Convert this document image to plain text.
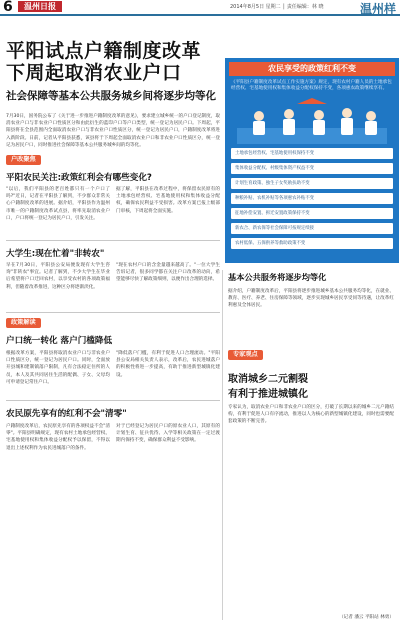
6	温州日报	2014年8月5日 星期二 │ 责任编辑：林 晓	温州样
平阳试点户籍制度改革
下周起取消农业户口
社会保障等基本公共服务城乡间将逐步均等化
7月30日，国务院公布了《关于进一步推进户籍制度改革的意见》，要求建立城乡统一的户口登记制度，取消农业户口与非农业户口性质区分和由此衍生的蓝印户口等户口类型，统一登记为居民户口。下周起，平阳县将在全县范围内全面取消农业户口与非农业户口性质区分，统一登记为居民户口，户籍制度改革将进入新阶段。日前，记者从平阳县获悉，该县将于下周起全面取消农业户口和非农业户口性质区分，统一登记为居民户口，同时推进社会保障等基本公共服务城乡间的均等化。
农民享受的政策红利不变
《平阳县户籍制度改革试点工作实施方案》规定，现有农村户籍人员的土地承包经营权、宅基地使用权和集体收益分配权保持不变，各项惠农政策继续享有。
土地承包经营权、宅基地使用权保持不变
集体收益分配权、村级集体资产权益不变
计划生育政策、独生子女奖励扶助不变
种粮补贴、农机补贴等各项惠农补贴不变
征地补偿安置、拆迁安置政策保持不变
新农合、新农保等社会保障可按规定续接
农村低保、五保供养等救助政策不变
户改聚焦
平阳农民关注:政策红利会有哪些变化?
"以后，我们平阳县的老百姓都只有一个户口了吗?"近日，记者在平阳县了解到，不少群众非常关心户籍制度改革的进展。据介绍，平阳县作为温州市唯一的户籍制度改革试点县，将率先取消农业户口，户口将统一登记为居民户口，引发关注。
据了解，平阳县在改革过程中，将保留农民原有的土地承包经营权、宅基地使用权和集体收益分配权，确保农民利益不受损害。改革方案已报上级部门审核，下周起将全面实施。
大学生:现在忙着"非转农"
早在7月30日，平阳县公安局便发现有大学生咨询"非转农"事宜。记者了解到，不少大学生在毕业后希望将户口迁回农村，以享受农村的各项政策福利，但随着改革推进，这种区分将逐渐淡化。
"现在农村户口的含金量越来越高了。"一位大学生告诉记者，很多同学都在关注户口改革的动向，希望能够尽快了解政策细则，以便作出合理的选择。
政策解读
户口统一转化 落户门槛降低
根据改革方案，平阳县将取消农业户口与非农业户口性质区分，统一登记为居民户口。同时，全面放开县城和建制镇落户限制，凡有合法稳定住所的人员，本人及其共同居住生活的配偶、子女、父母均可申请登记常住户口。
"降低落户门槛，有利于促进人口合理流动。"平阳县公安局相关负责人表示，改革后，农民进城落户的积极性将进一步提高，有助于推进新型城镇化建设。
农民原先享有的红利不会"清零"
户籍制度改革后，农民原先享有的各项权益不会"清零"。平阳县明确规定，现有农村土地承包经营权、宅基地使用权和集体收益分配权予以保留，不得以退出上述权利作为农民进城落户的条件。
对于已经登记为居民户口的原农业人口，其原有的计划生育、征兵优待、入学等相关政策在一定过渡期内保持不变，确保群众利益不受影响。
基本公共服务将逐步均等化
据介绍，户籍制度改革后，平阳县将逐步推进城乡基本公共服务均等化，在就业、教育、医疗、养老、住房保障等领域，逐步实现城乡居民享受同等待遇，让改革红利惠及全体居民。
专家观点
取消城乡二元割裂
有利于推进城镇化
专家认为，取消农业户口和非农业户口的区分，打破了长期以来的城乡二元户籍结构，有利于促进人口有序流动，推进以人为核心的新型城镇化建设，同时也需要配套政策的不断完善。
（记者 潘云 平阳站 林勇）
